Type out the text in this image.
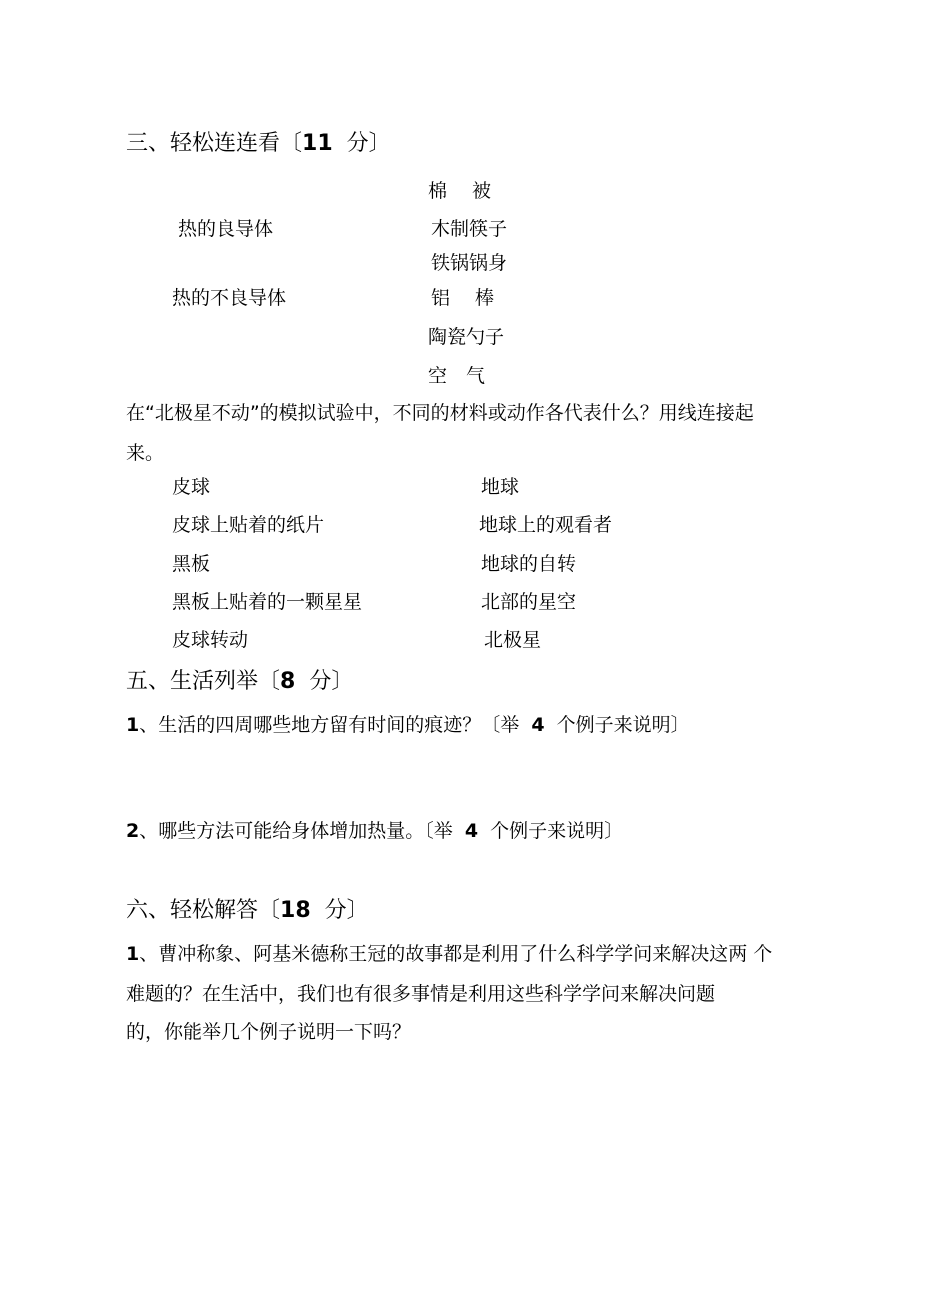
三、轻松连连看〔11 分〕
棉　 被
热的良导体	木制筷子
铁锅锅身
热的不良导体	铝　 棒
陶瓷勺子
空　气
在“北极星不动”的模拟试验中，不同的材料或动作各代表什么？用线连接起
来。
皮球	地球
皮球上贴着的纸片	地球上的观看者
黑板	地球的自转
黑板上贴着的一颗星星	北部的星空
皮球转动	北极星
五、生活列举〔8 分〕
1、生活的四周哪些地方留有时间的痕迹？〔举 4 个例子来说明〕
2、哪些方法可能给身体增加热量。〔举 4 个例子来说明〕
六、轻松解答〔18 分〕
1、曹冲称象、阿基米德称王冠的故事都是利用了什么科学学问来解决这两 个
难题的？在生活中，我们也有很多事情是利用这些科学学问来解决问题
的，你能举几个例子说明一下吗？
